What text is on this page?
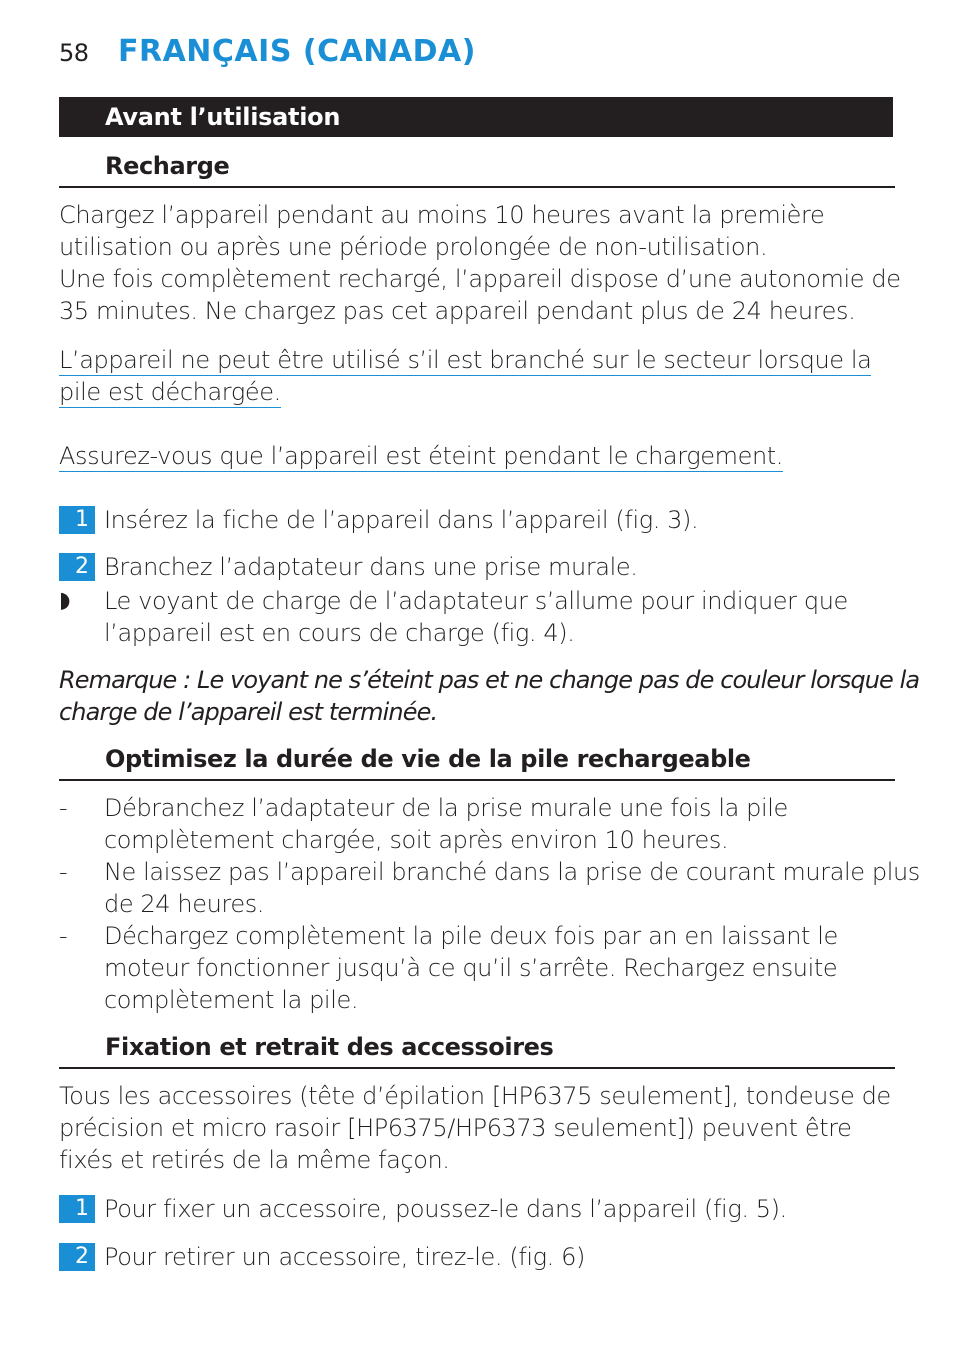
58 FRANÇAIS (CANADA)
Avant l’utilisation
Recharge
Chargez l’appareil pendant au moins 10 heures avant la première
utilisation ou après une période prolongée de non-utilisation.
Une fois complètement rechargé, l’appareil dispose d’une autonomie de
35 minutes. Ne chargez pas cet appareil pendant plus de 24 heures.
L’appareil ne peut être utilisé s’il est branché sur le secteur lorsque la
pile est déchargée.
Assurez-vous que l’appareil est éteint pendant le chargement.
1 Insérez la fiche de l’appareil dans l’appareil (fig. 3).
2 Branchez l’adaptateur dans une prise murale.
◗ Le voyant de charge de l’adaptateur s’allume pour indiquer que
l’appareil est en cours de charge (fig. 4).
Remarque : Le voyant ne s’éteint pas et ne change pas de couleur lorsque la
charge de l’appareil est terminée.
Optimisez la durée de vie de la pile rechargeable
- Débranchez l’adaptateur de la prise murale une fois la pile
complètement chargée, soit après environ 10 heures.
- Ne laissez pas l’appareil branché dans la prise de courant murale plus
de 24 heures.
- Déchargez complètement la pile deux fois par an en laissant le
moteur fonctionner jusqu’à ce qu’il s’arrête. Rechargez ensuite
complètement la pile.
Fixation et retrait des accessoires
Tous les accessoires (tête d’épilation [HP6375 seulement], tondeuse de
précision et micro rasoir [HP6375/HP6373 seulement]) peuvent être
fixés et retirés de la même façon.
1 Pour fixer un accessoire, poussez-le dans l’appareil (fig. 5).
2 Pour retirer un accessoire, tirez-le. (fig. 6)
